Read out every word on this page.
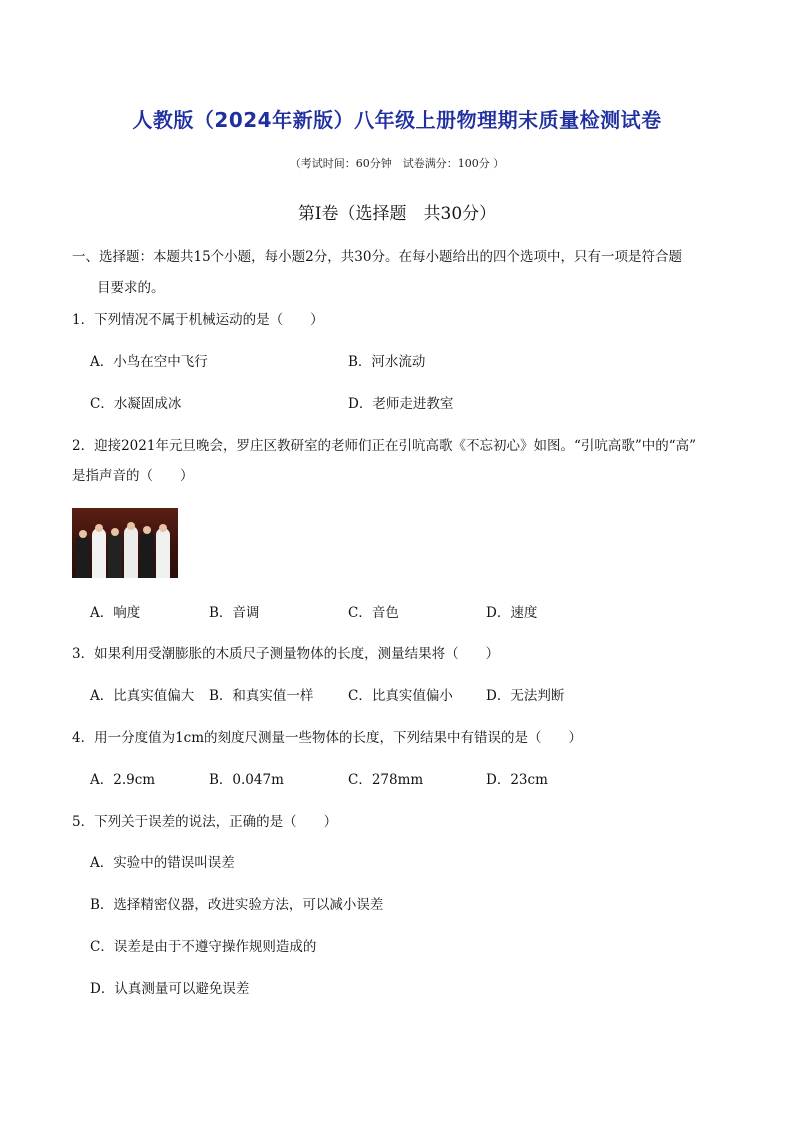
人教版（2024年新版）八年级上册物理期末质量检测试卷
（考试时间：60分钟　试卷满分：100分 ）
第Ⅰ卷（选择题　共30分）
一、选择题：本题共15个小题，每小题2分，共30分。在每小题给出的四个选项中，只有一项是符合题
目要求的。
1．下列情况不属于机械运动的是（　　）
A．小鸟在空中飞行	B．河水流动
C．水凝固成冰	D．老师走进教室
2．迎接2021年元旦晚会，罗庄区教研室的老师们正在引吭高歌《不忘初心》如图。“引吭高歌”中的“高”
是指声音的（　　）
A．响度	B．音调	C．音色	D．速度
3．如果利用受潮膨胀的木质尺子测量物体的长度，测量结果将（　　）
A．比真实值偏大 B．和真实值一样	C．比真实值偏小 D．无法判断
4．用一分度值为1cm的刻度尺测量一些物体的长度，下列结果中有错误的是（　　）
A．2.9cm	B．0.047m	C．278mm	D．23cm
5．下列关于误差的说法，正确的是（　　）
A．实验中的错误叫误差
B．选择精密仪器，改进实验方法，可以减小误差
C．误差是由于不遵守操作规则造成的
D．认真测量可以避免误差
